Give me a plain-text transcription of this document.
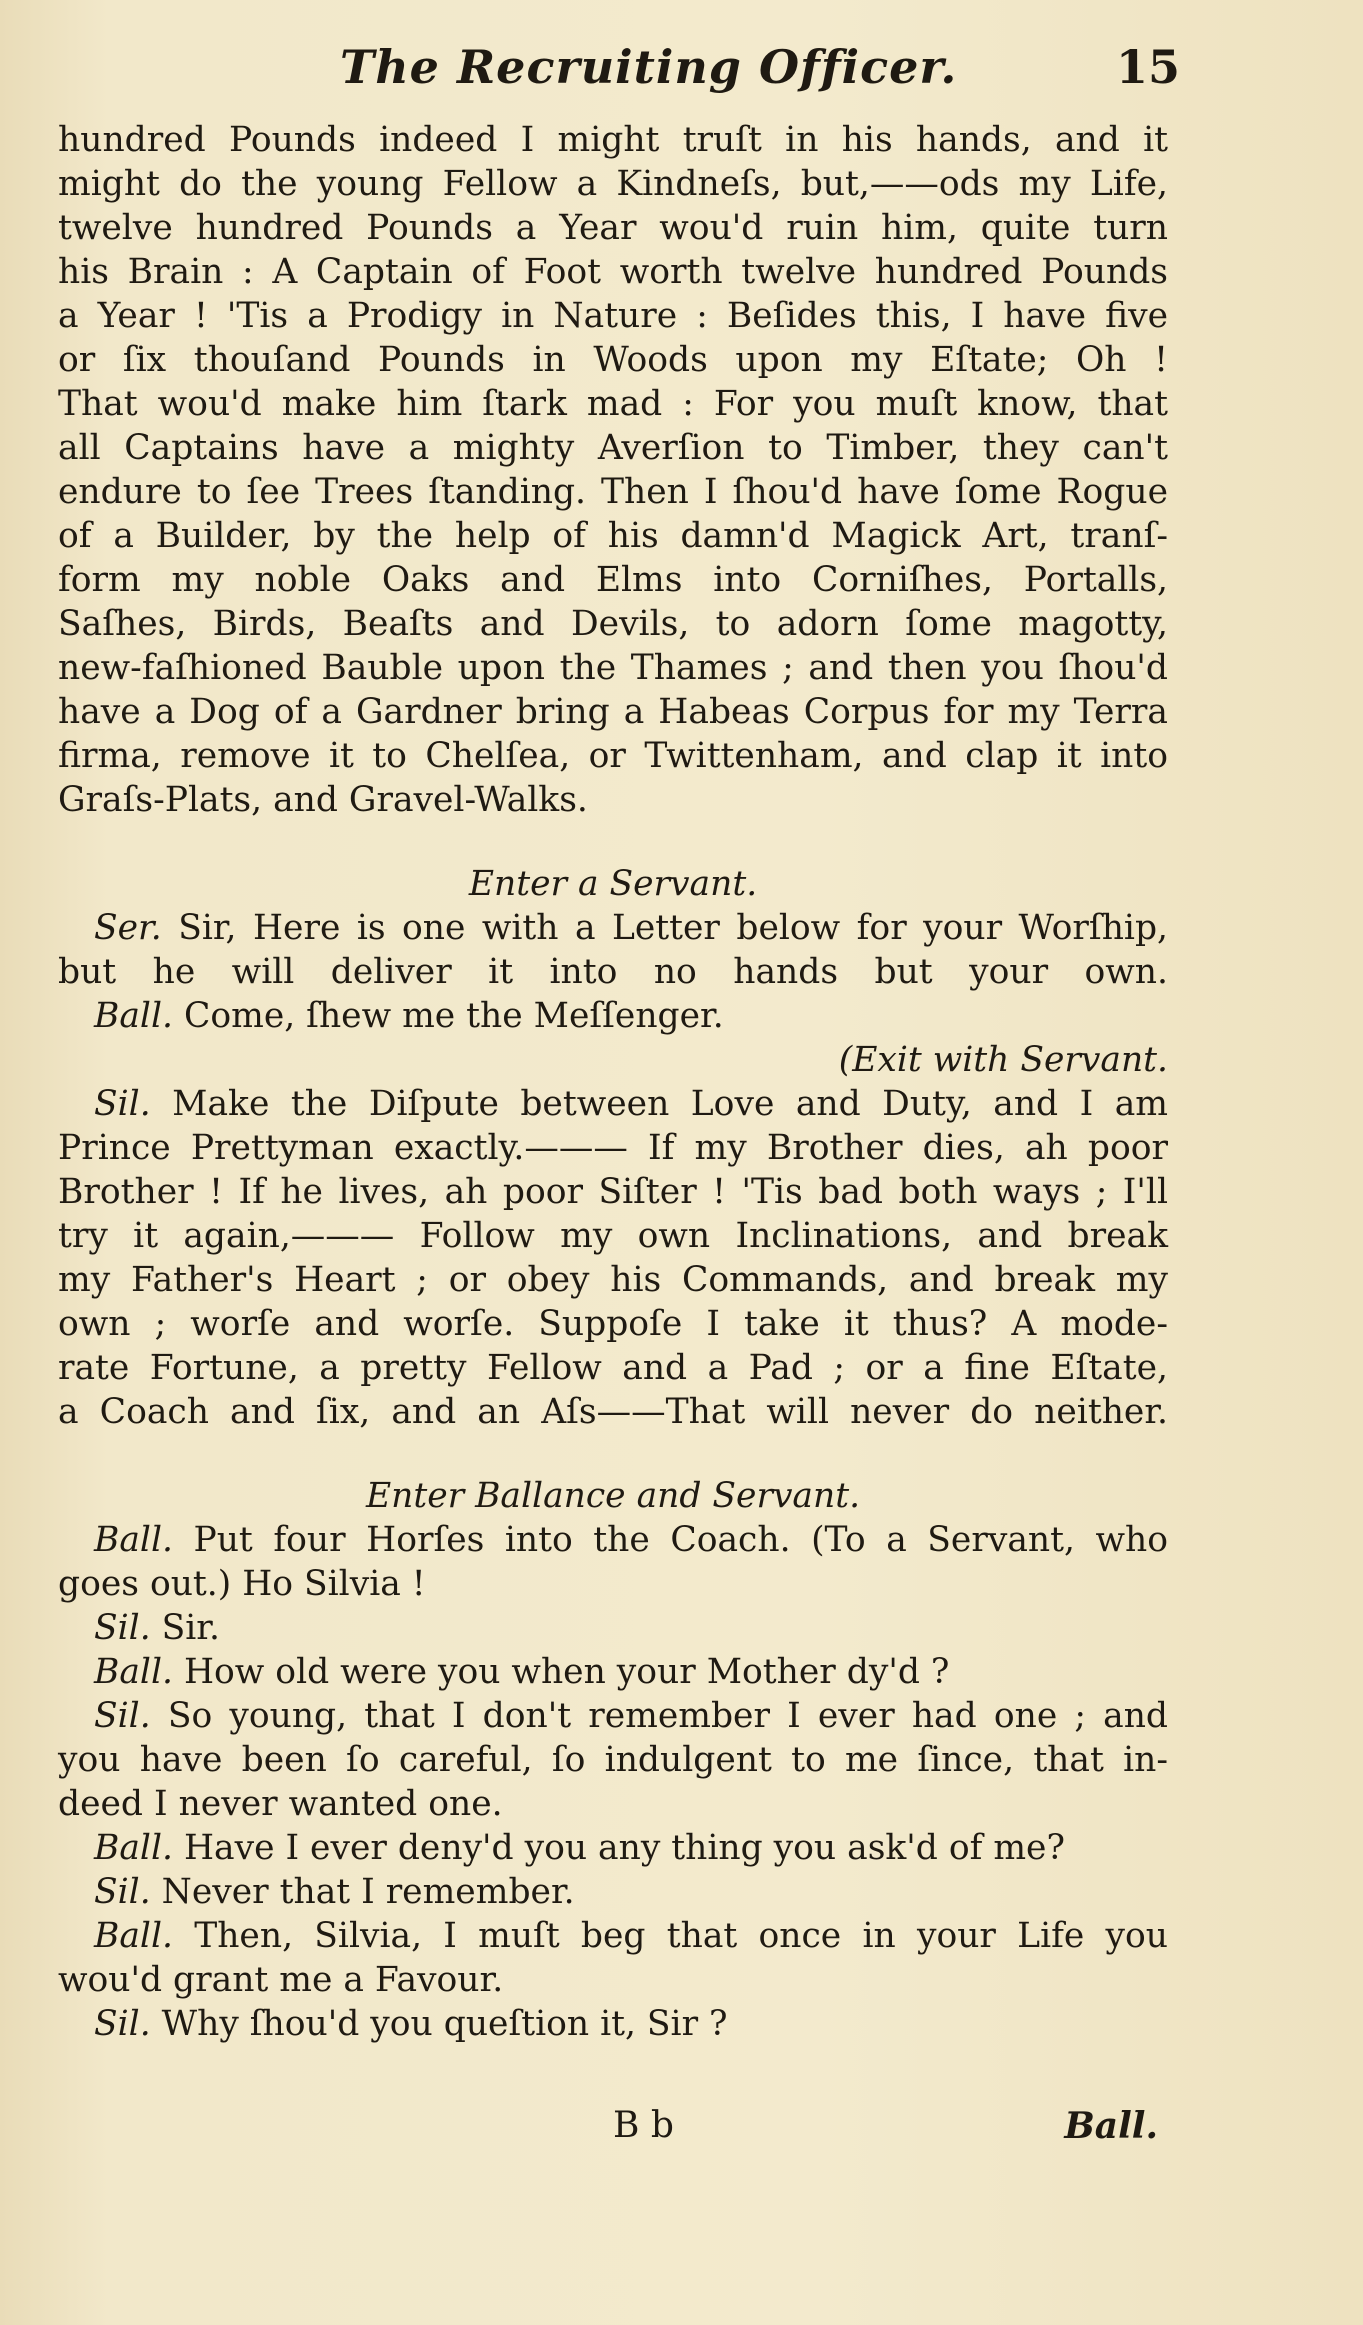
The Recruiting Officer.	15
hundred Pounds indeed I might truſt in his hands, and it
might do the young Fellow a Kindneſs, but,——ods my Life,
twelve hundred Pounds a Year wou'd ruin him, quite turn
his Brain : A Captain of Foot worth twelve hundred Pounds
a Year ! 'Tis a Prodigy in Nature : Beſides this, I have five
or ſix thouſand Pounds in Woods upon my Eſtate; Oh !
That wou'd make him ſtark mad : For you muſt know, that
all Captains have a mighty Averſion to Timber, they can't
endure to ſee Trees ſtanding. Then I ſhou'd have ſome Rogue
of a Builder, by the help of his damn'd Magick Art, tranſ-
form my noble Oaks and Elms into Corniſhes, Portalls,
Saſhes, Birds, Beaſts and Devils, to adorn ſome magotty,
new-faſhioned Bauble upon the Thames ; and then you ſhou'd
have a Dog of a Gardner bring a Habeas Corpus for my Terra
firma, remove it to Chelſea, or Twittenham, and clap it into
Graſs-Plats, and Gravel-Walks.
Enter a Servant.
Ser. Sir, Here is one with a Letter below for your Worſhip,
but he will deliver it into no hands but your own.
Ball. Come, ſhew me the Meſſenger.
(Exit with Servant.
Sil. Make the Diſpute between Love and Duty, and I am
Prince Prettyman exactly.——— If my Brother dies, ah poor
Brother ! If he lives, ah poor Siſter ! 'Tis bad both ways ; I'll
try it again,——— Follow my own Inclinations, and break
my Father's Heart ; or obey his Commands, and break my
own ; worſe and worſe. Suppoſe I take it thus? A mode-
rate Fortune, a pretty Fellow and a Pad ; or a fine Eſtate,
a Coach and ſix, and an Aſs——That will never do neither.
Enter Ballance and Servant.
Ball. Put four Horſes into the Coach. (To a Servant, who
goes out.) Ho Silvia !
Sil. Sir.
Ball. How old were you when your Mother dy'd ?
Sil. So young, that I don't remember I ever had one ; and
you have been ſo careful, ſo indulgent to me ſince, that in-
deed I never wanted one.
Ball. Have I ever deny'd you any thing you ask'd of me?
Sil. Never that I remember.
Ball. Then, Silvia, I muſt beg that once in your Life you
wou'd grant me a Favour.
Sil. Why ſhou'd you queſtion it, Sir ?
B b	Ball.
